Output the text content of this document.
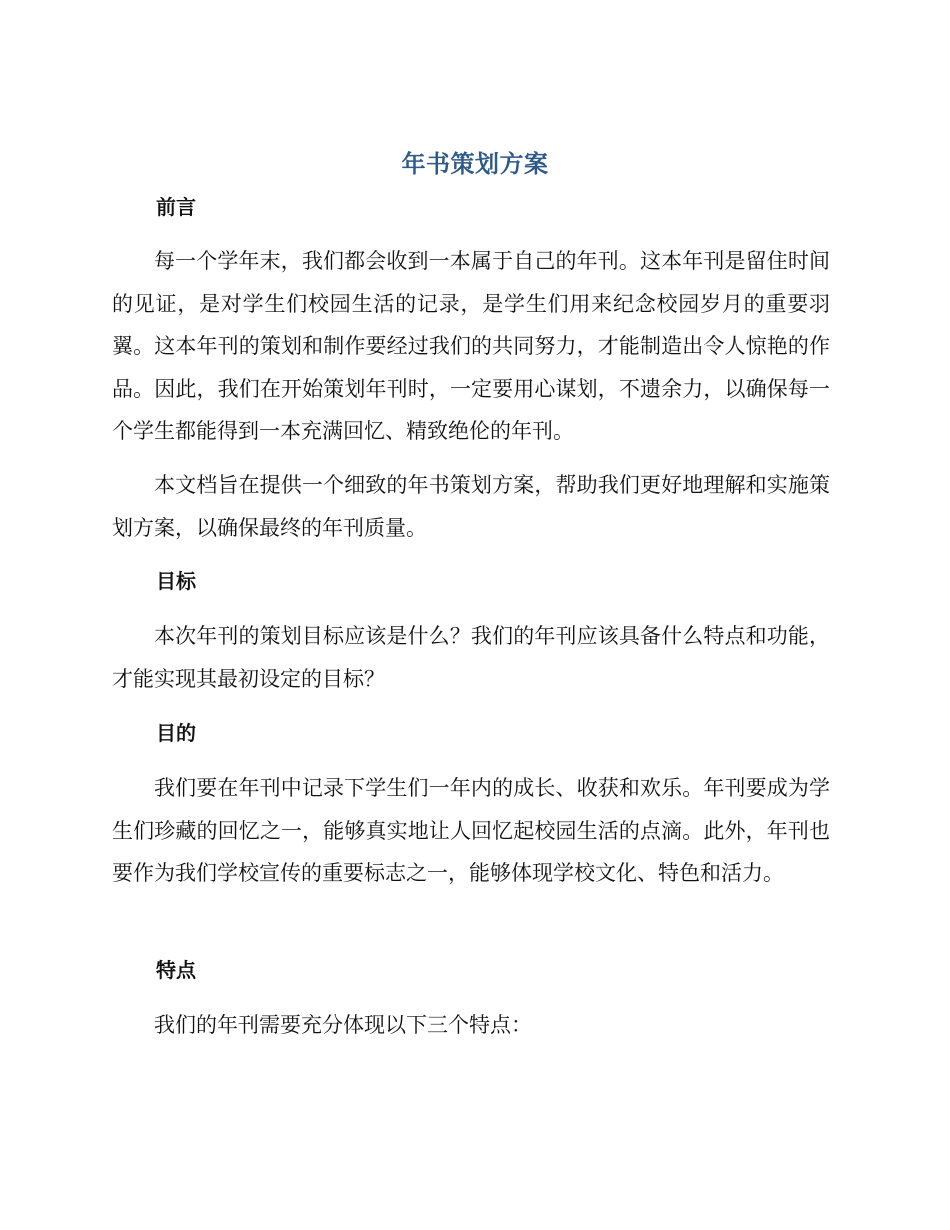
年书策划方案
前言

每一个学年末，我们都会收到一本属于自己的年刊。这本年刊是留住时间的见证，是对学生们校园生活的记录，是学生们用来纪念校园岁月的重要羽翼。这本年刊的策划和制作要经过我们的共同努力，才能制造出令人惊艳的作品。因此，我们在开始策划年刊时，一定要用心谋划，不遗余力，以确保每一个学生都能得到一本充满回忆、精致绝伦的年刊。

本文档旨在提供一个细致的年书策划方案，帮助我们更好地理解和实施策划方案，以确保最终的年刊质量。

目标

本次年刊的策划目标应该是什么？我们的年刊应该具备什么特点和功能，才能实现其最初设定的目标？

目的

我们要在年刊中记录下学生们一年内的成长、收获和欢乐。年刊要成为学生们珍藏的回忆之一，能够真实地让人回忆起校园生活的点滴。此外，年刊也要作为我们学校宣传的重要标志之一，能够体现学校文化、特色和活力。

特点

我们的年刊需要充分体现以下三个特点：
